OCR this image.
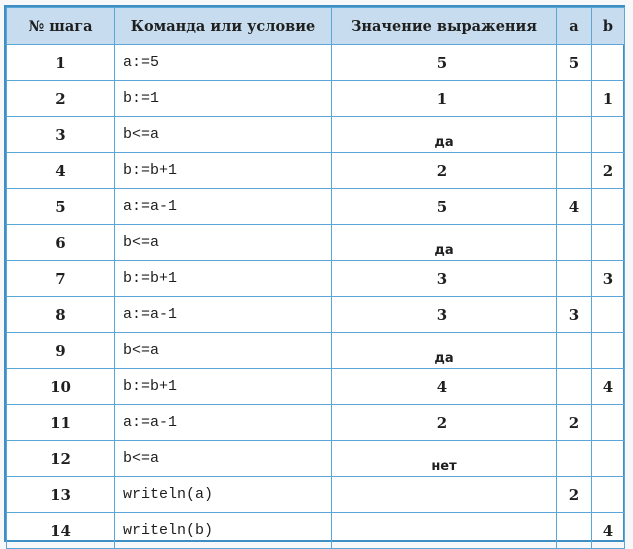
№ шага	Команда или условие	Значение выражения	a	b
1	a:=5	5	5	
2	b:=1	1		1
3	b<=a	да		
4	b:=b+1	2		2
5	a:=a-1	5	4	
6	b<=a	да		
7	b:=b+1	3		3
8	a:=a-1	3	3	
9	b<=a	да		
10	b:=b+1	4		4
11	a:=a-1	2	2	
12	b<=a	нет		
13	writeln(a)		2	
14	writeln(b)			4
